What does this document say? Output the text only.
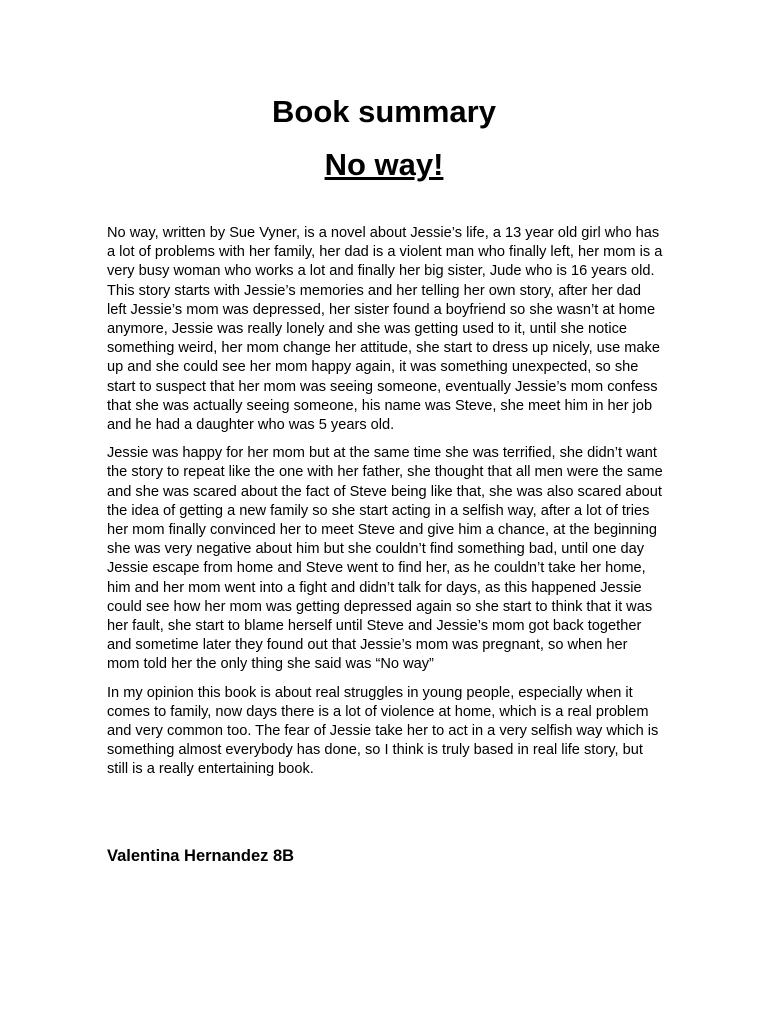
Book summary
No way!

No way, written by Sue Vyner, is a novel about Jessie’s life, a 13 year old girl who has a lot of problems with her family, her dad is a violent man who finally left, her mom is a very busy woman who works a lot and finally her big sister, Jude who is 16 years old. This story starts with Jessie’s memories and her telling her own story, after her dad left Jessie’s mom was depressed, her sister found a boyfriend so she wasn’t at home anymore, Jessie was really lonely and she was getting used to it, until she notice something weird, her mom change her attitude, she start to dress up nicely, use make up and she could see her mom happy again, it was something unexpected, so she start to suspect that her mom was seeing someone, eventually Jessie’s mom confess that she was actually seeing someone, his name was Steve, she meet him in her job and he had a daughter who was 5 years old.

Jessie was happy for her mom but at the same time she was terrified, she didn’t want the story to repeat like the one with her father, she thought that all men were the same and she was scared about the fact of Steve being like that, she was also scared about the idea of getting a new family so she start acting in a selfish way, after a lot of tries her mom finally convinced her to meet Steve and give him a chance, at the beginning she was very negative about him but she couldn’t find something bad, until one day Jessie escape from home and Steve went to find her, as he couldn’t take her home, him and her mom went into a fight and didn’t talk for days, as this happened Jessie could see how her mom was getting depressed again so she start to think that it was her fault, she start to blame herself until Steve and Jessie’s mom got back together and sometime later they found out that Jessie’s mom was pregnant, so when her mom told her the only thing she said was “No way”

In my opinion this book is about real struggles in young people, especially when it comes to family, now days there is a lot of violence at home, which is a real problem and very common too. The fear of Jessie take her to act in a very selfish way which is something almost everybody has done, so I think is truly based in real life story, but still is a really entertaining book.

Valentina Hernandez 8B
